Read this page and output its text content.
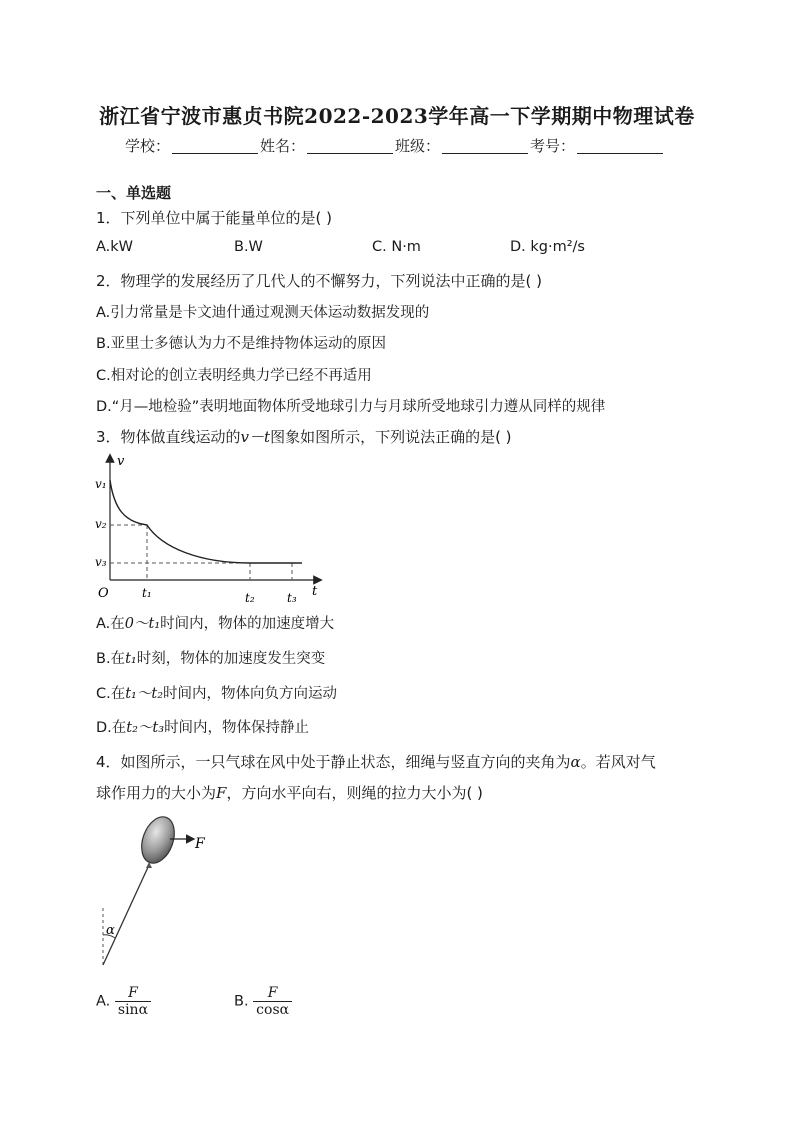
浙江省宁波市惠贞书院2022-2023学年高一下学期期中物理试卷
学校：	姓名：	班级：	考号：
一、单选题
1．下列单位中属于能量单位的是( )
A.kW	B.W	C. N·m	D. kg·m²/s
2．物理学的发展经历了几代人的不懈努力，下列说法中正确的是( )
A.引力常量是卡文迪什通过观测天体运动数据发现的
B.亚里士多德认为力不是维持物体运动的原因
C.相对论的创立表明经典力学已经不再适用
D.“月—地检验”表明地面物体所受地球引力与月球所受地球引力遵从同样的规律
3．物体做直线运动的v－t图象如图所示，下列说法正确的是( )
v
t
O
v₁
v₂
v₃
t₁	t₂	t₃
A.在0～t₁时间内，物体的加速度增大
B.在t₁时刻，物体的加速度发生突变
C.在t₁～t₂时间内，物体向负方向运动
D.在t₂～t₃时间内，物体保持静止
4．如图所示，一只气球在风中处于静止状态，细绳与竖直方向的夹角为α。若风对气
球作用力的大小为F，方向水平向右，则绳的拉力大小为( )
α
F
A. $\frac{F}{\sin\alpha}$	B. $\frac{F}{\cos\alpha}$
